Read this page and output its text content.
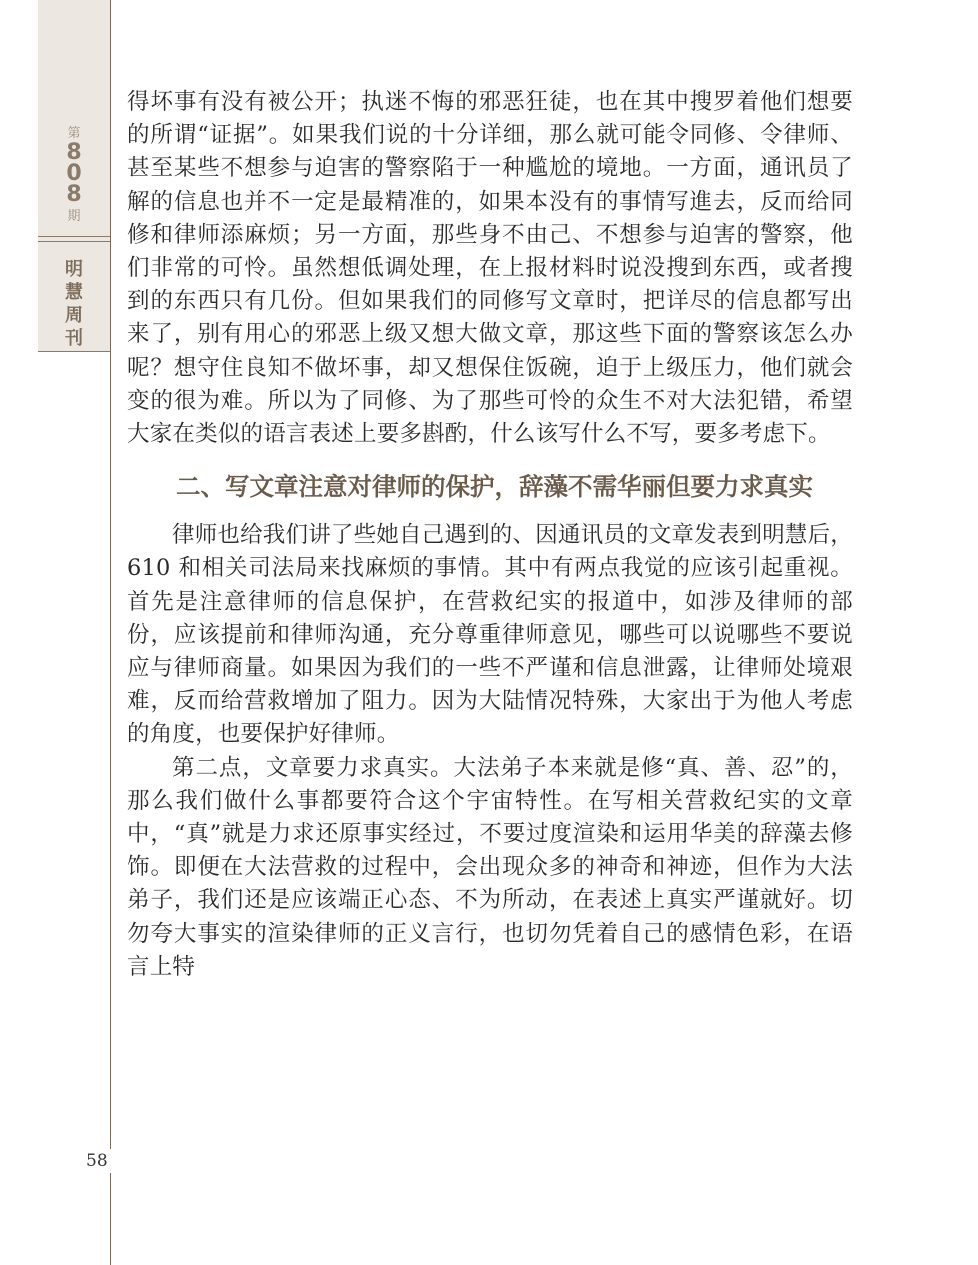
第
8
0
8
期
明
慧
周
刊
58

得坏事有没有被公开；执迷不悔的邪恶狂徒，也在其中搜罗着他们想要的所谓“证据”。如果我们说的十分详细，那么就可能令同修、令律师、甚至某些不想参与迫害的警察陷于一种尴尬的境地。一方面，通讯员了解的信息也并不一定是最精准的，如果本没有的事情写進去，反而给同修和律师添麻烦；另一方面，那些身不由己、不想参与迫害的警察，他们非常的可怜。虽然想低调处理，在上报材料时说没搜到东西，或者搜到的东西只有几份。但如果我们的同修写文章时，把详尽的信息都写出来了，别有用心的邪恶上级又想大做文章，那这些下面的警察该怎么办呢？想守住良知不做坏事，却又想保住饭碗，迫于上级压力，他们就会变的很为难。所以为了同修、为了那些可怜的众生不对大法犯错，希望大家在类似的语言表述上要多斟酌，什么该写什么不写，要多考虑下。

二、写文章注意对律师的保护，辞藻不需华丽但要力求真实

律师也给我们讲了些她自己遇到的、因通讯员的文章发表到明慧后，610 和相关司法局来找麻烦的事情。其中有两点我觉的应该引起重视。首先是注意律师的信息保护，在营救纪实的报道中，如涉及律师的部份，应该提前和律师沟通，充分尊重律师意见，哪些可以说哪些不要说应与律师商量。如果因为我们的一些不严谨和信息泄露，让律师处境艰难，反而给营救增加了阻力。因为大陆情况特殊，大家出于为他人考虑的角度，也要保护好律师。

第二点，文章要力求真实。大法弟子本来就是修“真、善、忍”的，那么我们做什么事都要符合这个宇宙特性。在写相关营救纪实的文章中，“真”就是力求还原事实经过，不要过度渲染和运用华美的辞藻去修饰。即便在大法营救的过程中，会出现众多的神奇和神迹，但作为大法弟子，我们还是应该端正心态、不为所动，在表述上真实严谨就好。切勿夸大事实的渲染律师的正义言行，也切勿凭着自己的感情色彩，在语言上特
